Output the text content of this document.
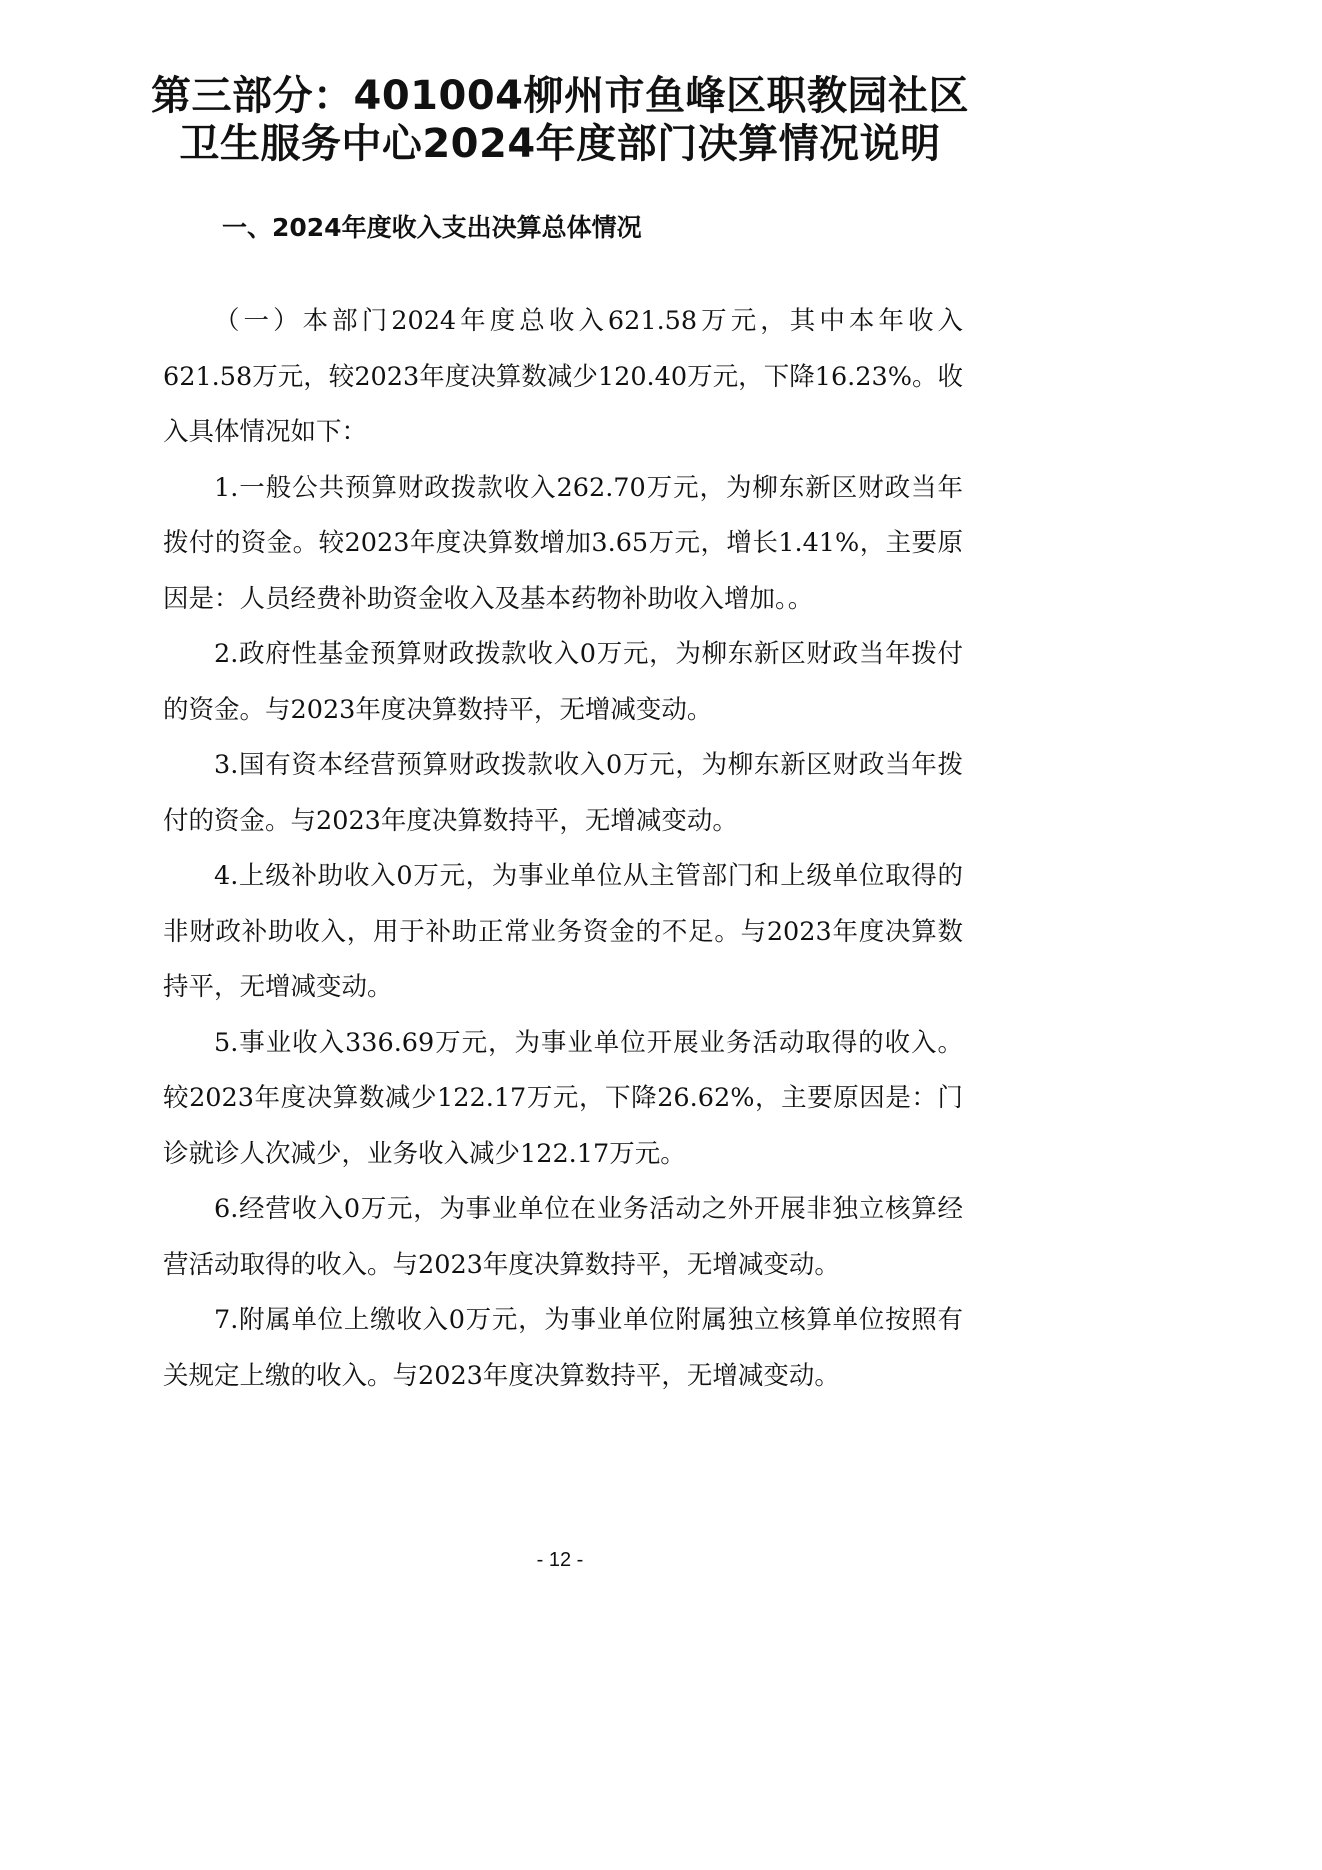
第三部分：401004柳州市鱼峰区职教园社区
卫生服务中心2024年度部门决算情况说明
一、2024年度收入支出决算总体情况

（一）本部门2024年度总收入621.58万元，其中本年收入621.58万元，较2023年度决算数减少120.40万元，下降16.23%。收入具体情况如下：

1.一般公共预算财政拨款收入262.70万元，为柳东新区财政当年拨付的资金。较2023年度决算数增加3.65万元，增长1.41%，主要原因是：人员经费补助资金收入及基本药物补助收入增加。。

2.政府性基金预算财政拨款收入0万元，为柳东新区财政当年拨付的资金。与2023年度决算数持平，无增减变动。

3.国有资本经营预算财政拨款收入0万元，为柳东新区财政当年拨付的资金。与2023年度决算数持平，无增减变动。

4.上级补助收入0万元，为事业单位从主管部门和上级单位取得的非财政补助收入，用于补助正常业务资金的不足。与2023年度决算数持平，无增减变动。

5.事业收入336.69万元，为事业单位开展业务活动取得的收入。较2023年度决算数减少122.17万元，下降26.62%，主要原因是：门诊就诊人次减少，业务收入减少122.17万元。

6.经营收入0万元，为事业单位在业务活动之外开展非独立核算经营活动取得的收入。与2023年度决算数持平，无增减变动。

7.附属单位上缴收入0万元，为事业单位附属独立核算单位按照有关规定上缴的收入。与2023年度决算数持平，无增减变动。

- 12 -
